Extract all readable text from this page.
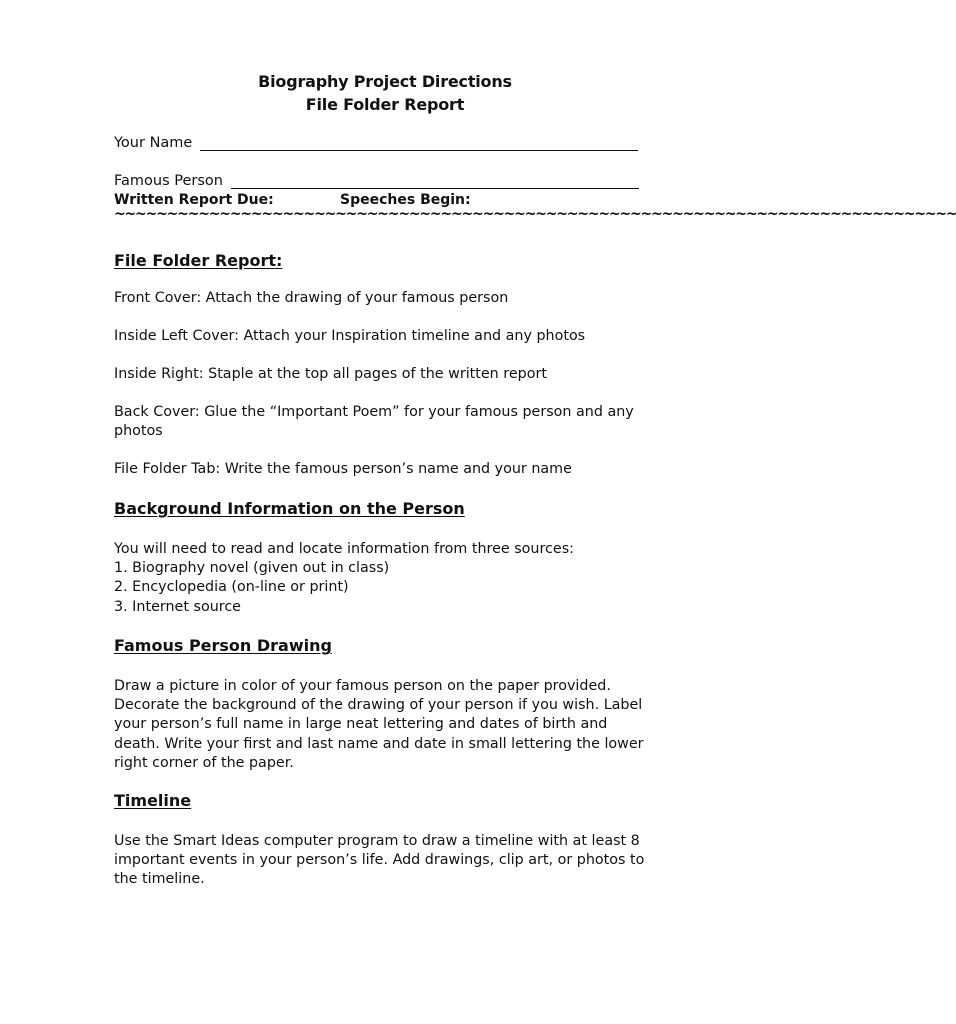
Biography Project Directions
File Folder Report
Your Name
Famous Person
Written Report Due:	Speeches Begin:
~~~~~~~~~~~~~~~~~~~~~~~~~~~~~~~~~~~~~~~~~~~~~~~~~~~~~~~~~~~~~~~~~~~~~~~~~~~~~~~~
File Folder Report:
Front Cover: Attach the drawing of your famous person
Inside Left Cover: Attach your Inspiration timeline and any photos
Inside Right: Staple at the top all pages of the written report
Back Cover: Glue the “Important Poem” for your famous person and any
photos
File Folder Tab: Write the famous person’s name and your name
Background Information on the Person
You will need to read and locate information from three sources:
1. Biography novel (given out in class)
2. Encyclopedia (on-line or print)
3. Internet source
Famous Person Drawing
Draw a picture in color of your famous person on the paper provided.
Decorate the background of the drawing of your person if you wish. Label
your person’s full name in large neat lettering and dates of birth and
death. Write your first and last name and date in small lettering the lower
right corner of the paper.
Timeline
Use the Smart Ideas computer program to draw a timeline with at least 8
important events in your person’s life. Add drawings, clip art, or photos to
the timeline.
